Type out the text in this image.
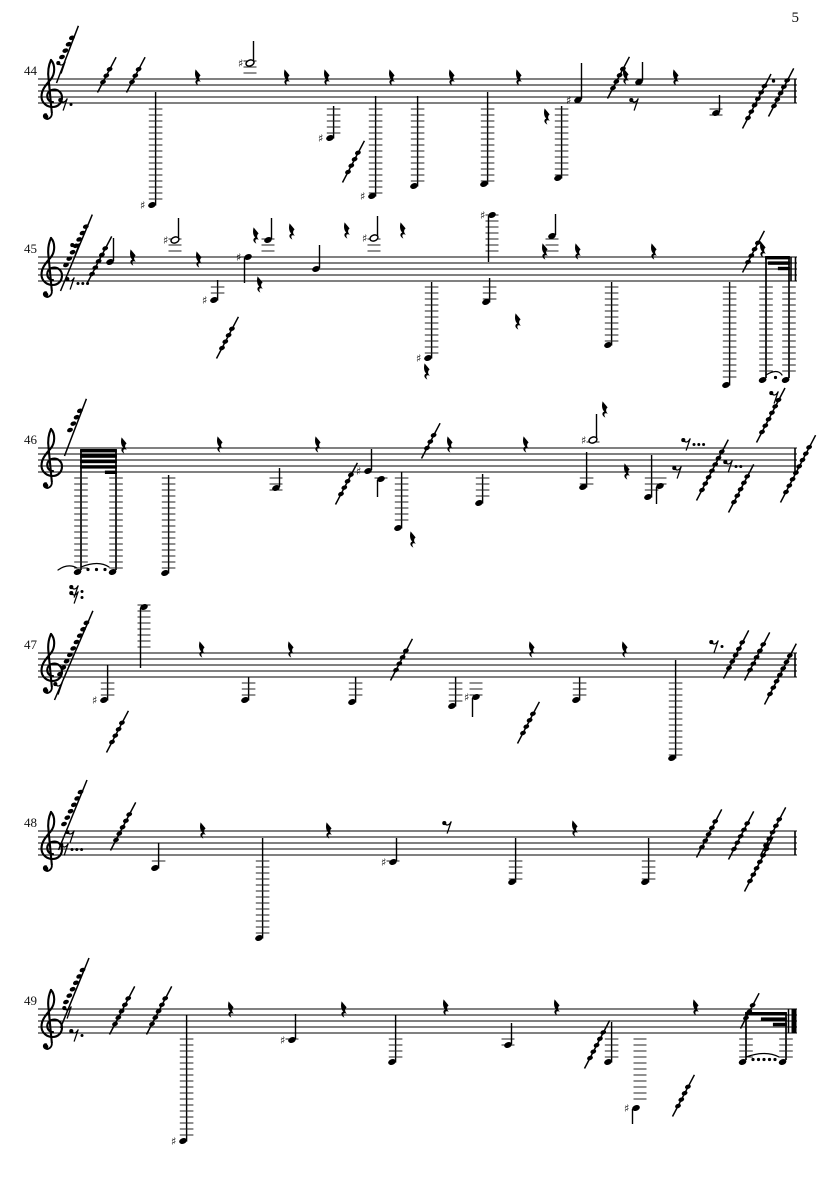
5
44
♯
♯
♯
♯
♯
45
♯
♯
♯
♯
♯
♯
46
♯
♯
47
♯	♯
48
♯
49
♯
♯
♯
